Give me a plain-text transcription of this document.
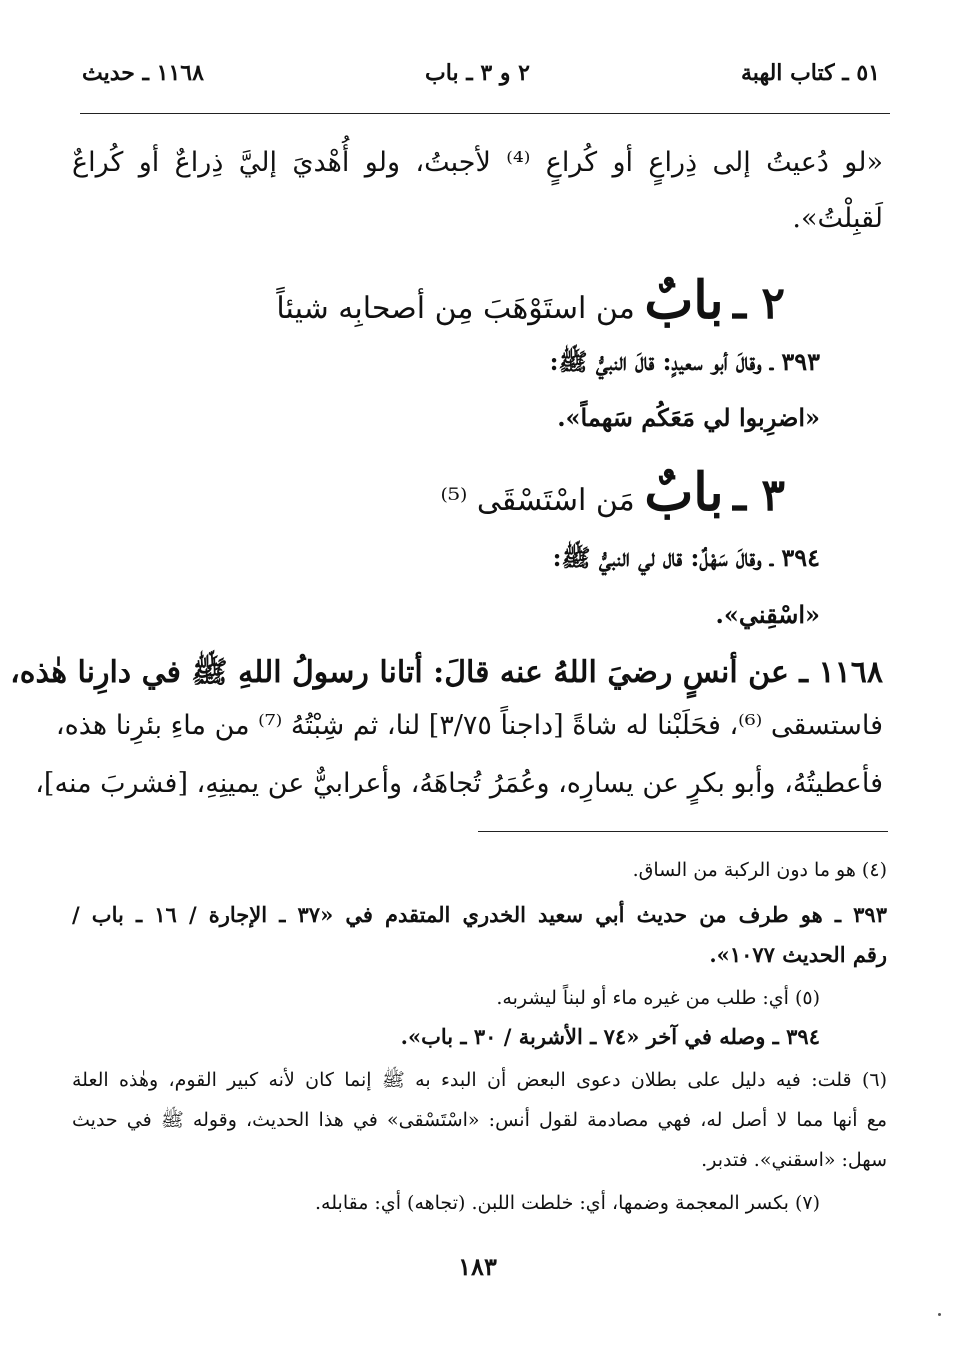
٥١ ـ كتاب الهبة
٢ و ٣ ـ باب
١١٦٨ ـ حديث
«لو دُعيتُ إلى ذِراعٍ أو كُراعٍ ⁽⁴⁾ لأجبتُ، ولو أُهْديَ إليَّ ذِراعٌ أو كُراعٌ
لَقبِلْتُ».
٢ ـ بابٌ من استَوْهَبَ مِن أصحابِه شيئاً
٣٩٣ ـ وقالَ أبو سعيدٍ: قالَ النبيُّ ﷺ:
«اضرِبوا لي مَعَكُم سَهماً».
٣ ـ بابٌ مَن اسْتَسْقَى ⁽⁵⁾
٣٩٤ ـ وقالَ سَهْلٌ: قال لي النبيُّ ﷺ:
«اسْقِني».
١١٦٨ ـ عن أنسٍ رضيَ اللهُ عنه قالَ: أتانا رسولُ اللهِ ﷺ في دارِنا هٰذه،
فاستسقى ⁽⁶⁾، فحَلَبْنا له شاةً [داجناً ٣/٧٥] لنا، ثم شِبْتُهُ ⁽⁷⁾ من ماءِ بئرِنا هذه،
فأعطيتُهُ، وأبو بكرٍ عن يسارِه، وعُمَرُ تُجاهَهُ، وأعرابيٌّ عن يمينِهِ، [فشربَ منه]،
(٤) هو ما دون الركبة من الساق.
٣٩٣ ـ هو طرف من حديث أبي سعيد الخدري المتقدم في «٣٧ ـ الإجارة / ١٦ ـ باب /
رقم الحديث ١٠٧٧».
(٥) أي: طلب من غيره ماء أو لبناً ليشربه.
٣٩٤ ـ وصله في آخر «٧٤ ـ الأشربة / ٣٠ ـ باب».
(٦) قلت: فيه دليل على بطلان دعوى البعض أن البدء به ﷺ إنما كان لأنه كبير القوم، وهٰذه العلة
مع أنها مما لا أصل له، فهي مصادمة لقول أنس: «اسْتَسْقى» في هذا الحديث، وقوله ﷺ في حديث
سهل: «اسقني». فتدبر.
(٧) بكسر المعجمة وضمها، أي: خلطت اللبن. (تجاهه) أي: مقابله.
١٨٣
